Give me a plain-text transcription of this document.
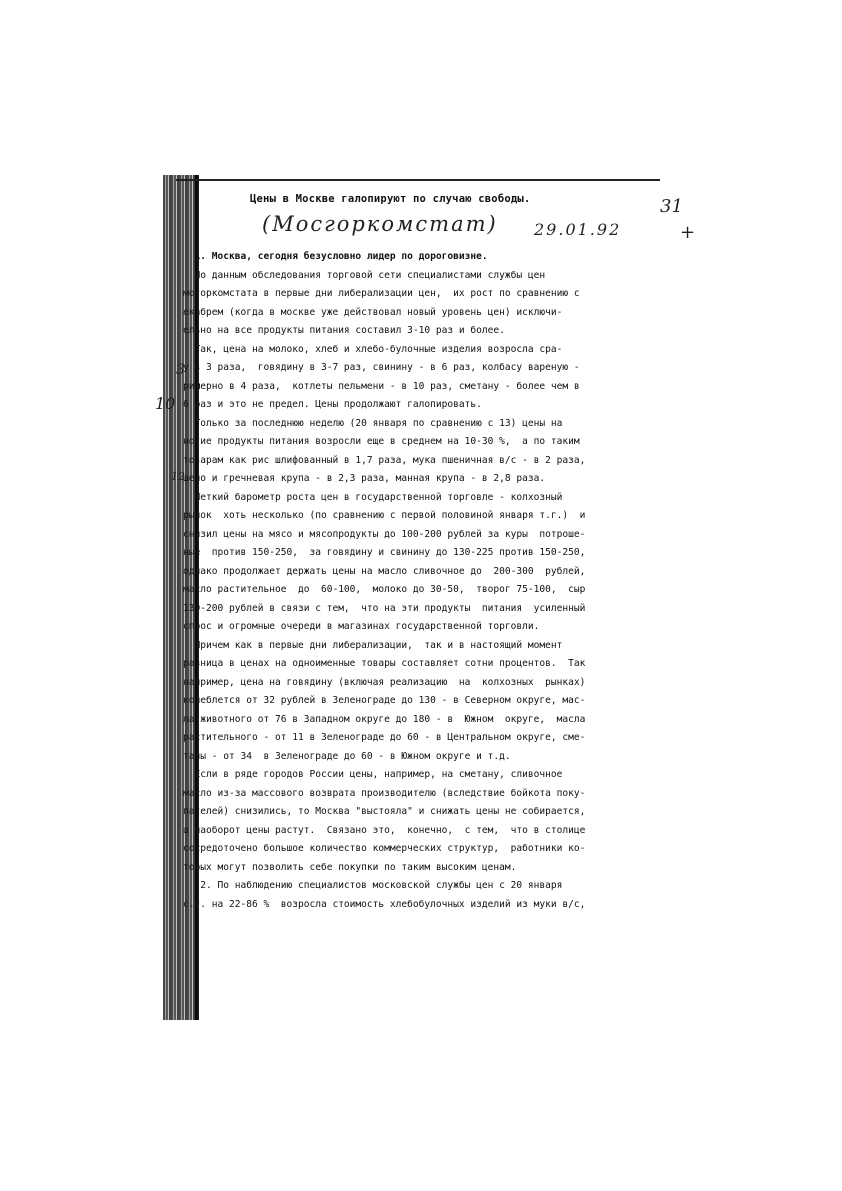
Цены в Москве галопируют по случаю свободы.
(Мосгоркомстат) 29.01.92
31
+
3
10
12
1. Москва, сегодня безусловно лидер по дороговизне.
По данным обследования торговой сети специалистами службы цен
могоркомстата в первые дни либерализации цен,  их рост по сравнению с
екабрем (когда в москве уже действовал новый уровень цен) исключи-
ельно на все продукты питания составил 3-10 раз и более.
Так, цена на молоко, хлеб и хлебо-булочные изделия возросла сра-
у в 3 раза,  говядину в 3-7 раз, свинину - в 6 раз, колбасу вареную -
римерно в 4 раза,  котлеты пельмени - в 10 раз, сметану - более чем в
6 раз и это не предел. Цены продолжают галопировать.
Только за последнюю неделю (20 января по сравнению с 13) цены на
ногие продукты питания возросли еще в среднем на 10-30 %,  а по таким
товарам как рис шлифованный в 1,7 раза, мука пшеничная в/с - в 2 раза,
шено и гречневая крупа - в 2,3 раза, манная крупа - в 2,8 раза.
Четкий барометр роста цен в государственной торговле - колхозный
рынок  хоть несколько (по сравнению с первой половиной января т.г.)  и
снизил цены на мясо и мясопродукты до 100-200 рублей за куры  потроше-
ные  против 150-250,  за говядину и свинину до 130-225 против 150-250,
однако продолжает держать цены на масло сливочное до  200-300  рублей,
масло растительное  до  60-100,  молоко до 30-50,  творог 75-100,  сыр
130-200 рублей в связи с тем,  что на эти продукты  питания  усиленный
спрос и огромные очереди в магазинах государственной торговли.
Причем как в первые дни либерализации,  так и в настоящий момент
разница в ценах на одноименные товары составляет сотни процентов.  Так
например, цена на говядину (включая реализацию  на  колхозных  рынках)
колеблется от 32 рублей в Зеленограде до 130 - в Северном округе, мас-
ла животного от 76 в Западном округе до 180 - в  Южном  округе,  масла
растительного - от 11 в Зеленограде до 60 - в Центральном округе, сме-
таны - от 34  в Зеленограде до 60 - в Южном округе и т.д.
Если в ряде городов России цены, например, на сметану, сливочное
масло из-за массового возврата производителю (вследствие бойкота поку-
пателей) снизились, то Москва "выстояла" и снижать цены не собирается,
а наоборот цены растут.  Связано это,  конечно,  с тем,  что в столице
сосредоточено большое количество коммерческих структур,  работники ко-
торых могут позволить себе покупки по таким высоким ценам.
2. По наблюдению специалистов московской службы цен с 20 января
с.г. на 22-86 %  возросла стоимость хлебобулочных изделий из муки в/с,
